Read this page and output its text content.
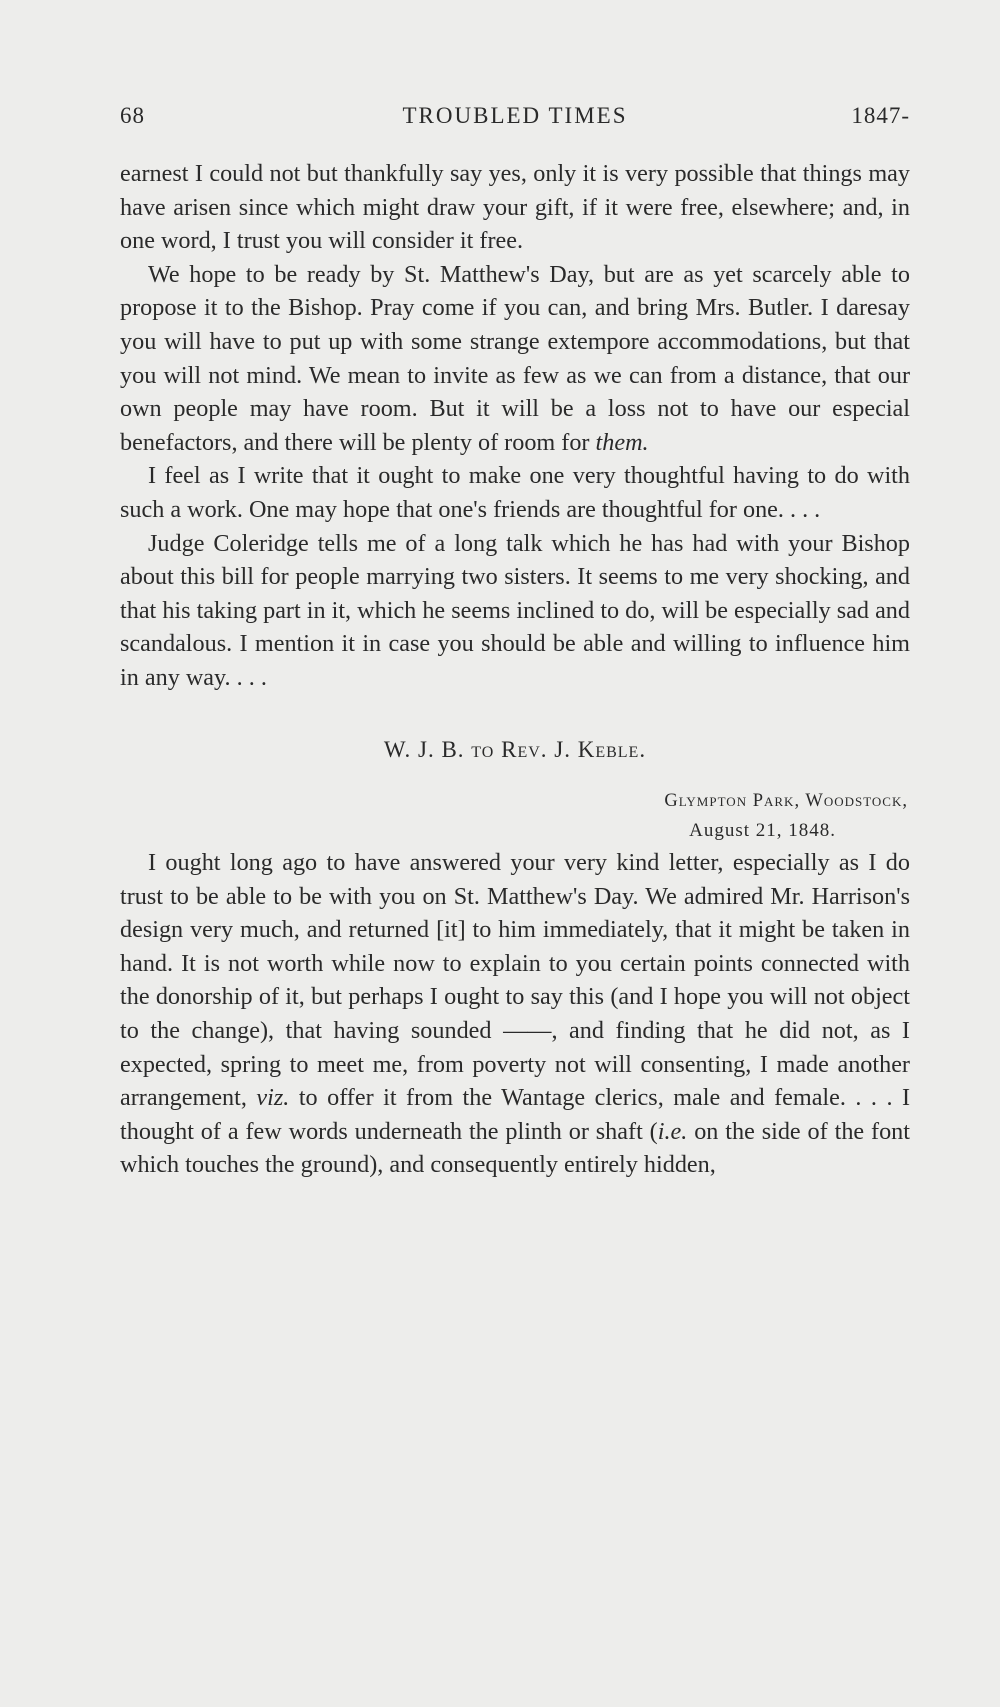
68	TROUBLED TIMES	1847-

earnest I could not but thankfully say yes, only it is very possible that things may have arisen since which might draw your gift, if it were free, elsewhere; and, in one word, I trust you will consider it free.

We hope to be ready by St. Matthew's Day, but are as yet scarcely able to propose it to the Bishop. Pray come if you can, and bring Mrs. Butler. I daresay you will have to put up with some strange extempore accommodations, but that you will not mind. We mean to invite as few as we can from a distance, that our own people may have room. But it will be a loss not to have our especial benefactors, and there will be plenty of room for them.

I feel as I write that it ought to make one very thoughtful having to do with such a work. One may hope that one's friends are thoughtful for one. . . .

Judge Coleridge tells me of a long talk which he has had with your Bishop about this bill for people marrying two sisters. It seems to me very shocking, and that his taking part in it, which he seems inclined to do, will be especially sad and scandalous. I mention it in case you should be able and willing to influence him in any way. . . .

W. J. B. to Rev. J. Keble.
Glympton Park, Woodstock,
August 21, 1848.

I ought long ago to have answered your very kind letter, especially as I do trust to be able to be with you on St. Matthew's Day. We admired Mr. Harrison's design very much, and returned [it] to him immediately, that it might be taken in hand. It is not worth while now to explain to you certain points connected with the donorship of it, but perhaps I ought to say this (and I hope you will not object to the change), that having sounded ——, and finding that he did not, as I expected, spring to meet me, from poverty not will consenting, I made another arrangement, viz. to offer it from the Wantage clerics, male and female. . . . I thought of a few words underneath the plinth or shaft (i.e. on the side of the font which touches the ground), and consequently entirely hidden,
